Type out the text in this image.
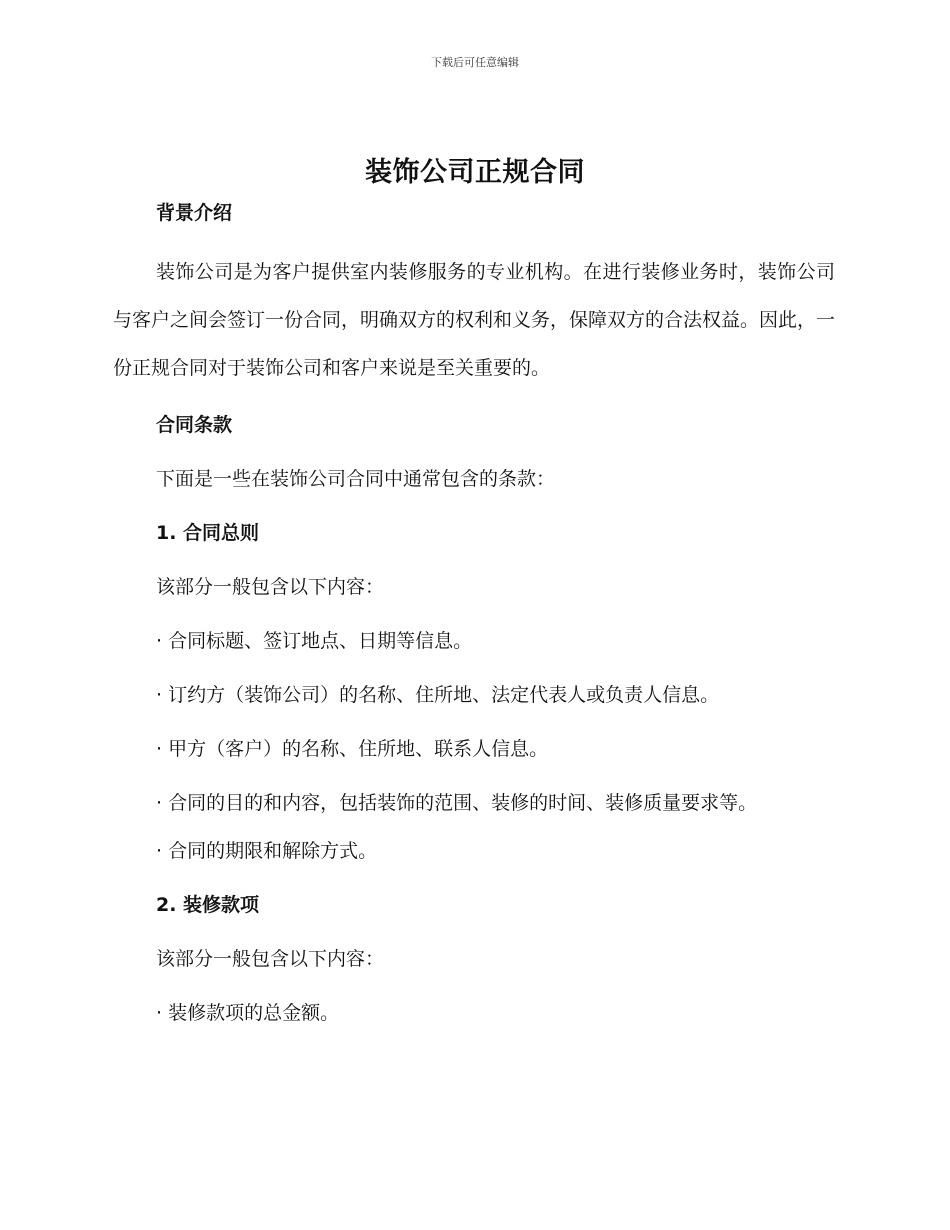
下载后可任意编辑
装饰公司正规合同
背景介绍

装饰公司是为客户提供室内装修服务的专业机构。在进行装修业务时，装饰公司与客户之间会签订一份合同，明确双方的权利和义务，保障双方的合法权益。因此，一份正规合同对于装饰公司和客户来说是至关重要的。

合同条款
下面是一些在装饰公司合同中通常包含的条款：
1. 合同总则
该部分一般包含以下内容：
· 合同标题、签订地点、日期等信息。
· 订约方（装饰公司）的名称、住所地、法定代表人或负责人信息。
· 甲方（客户）的名称、住所地、联系人信息。
· 合同的目的和内容，包括装饰的范围、装修的时间、装修质量要求等。
· 合同的期限和解除方式。
2. 装修款项
该部分一般包含以下内容：
· 装修款项的总金额。
